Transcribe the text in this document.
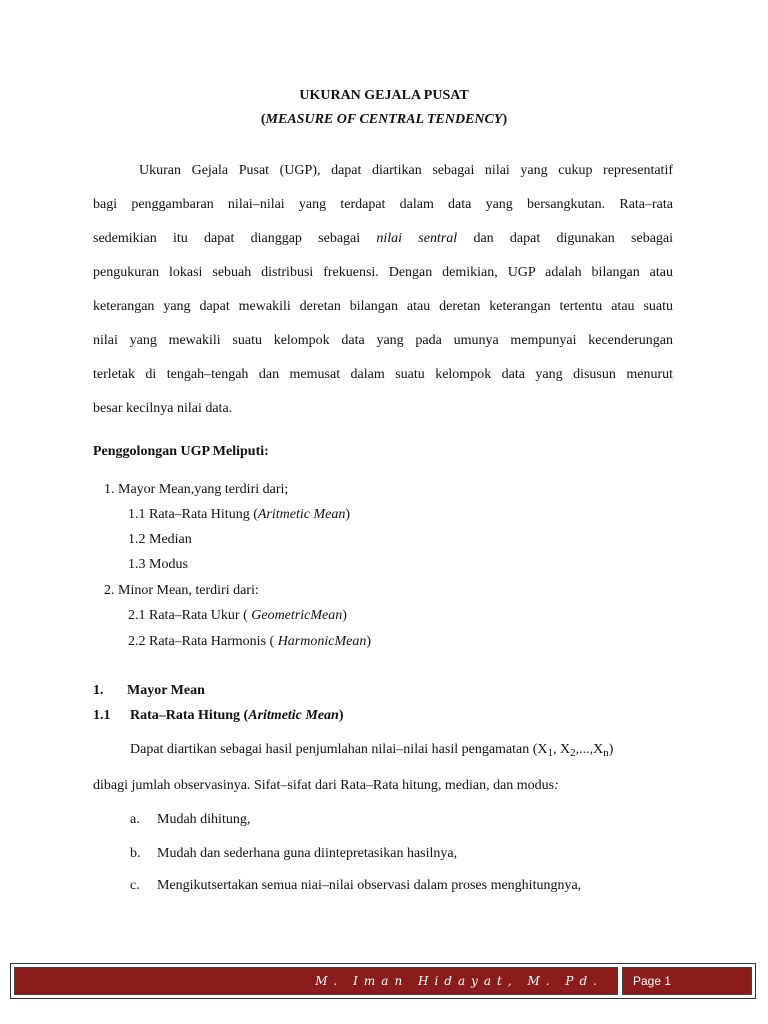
UKURAN GEJALA PUSAT
(MEASURE OF CENTRAL TENDENCY)
Ukuran Gejala Pusat (UGP), dapat diartikan sebagai nilai yang cukup representatif
bagi penggambaran nilai–nilai yang terdapat dalam data yang bersangkutan. Rata–rata
sedemikian itu dapat dianggap sebagai nilai sentral dan dapat digunakan sebagai
pengukuran lokasi sebuah distribusi frekuensi. Dengan demikian, UGP adalah bilangan atau
keterangan yang dapat mewakili deretan bilangan atau deretan keterangan tertentu atau suatu
nilai yang mewakili suatu kelompok data yang pada umunya mempunyai kecenderungan
terletak di tengah–tengah dan memusat dalam suatu kelompok data yang disusun menurut
besar kecilnya nilai data.
Penggolongan UGP Meliputi:
1. Mayor Mean,yang terdiri dari;
1.1 Rata–Rata Hitung (Aritmetic Mean)
1.2 Median
1.3 Modus
2. Minor Mean, terdiri dari:
2.1 Rata–Rata Ukur ( GeometricMean)
2.2 Rata–Rata Harmonis ( HarmonicMean)
1. Mayor Mean
1.1 Rata–Rata Hitung (Aritmetic Mean)
Dapat diartikan sebagai hasil penjumlahan nilai–nilai hasil pengamatan ($X_1$, $X_2,...,X_n$)
dibagi jumlah observasinya. Sifat–sifat dari Rata–Rata hitung, median, dan modus:
a. Mudah dihitung,
b. Mudah dan sederhana guna diintepretasikan hasilnya,
c. Mengikutsertakan semua niai–nilai observasi dalam proses menghitungnya,
M. Iman Hidayat, M. Pd.	Page 1
